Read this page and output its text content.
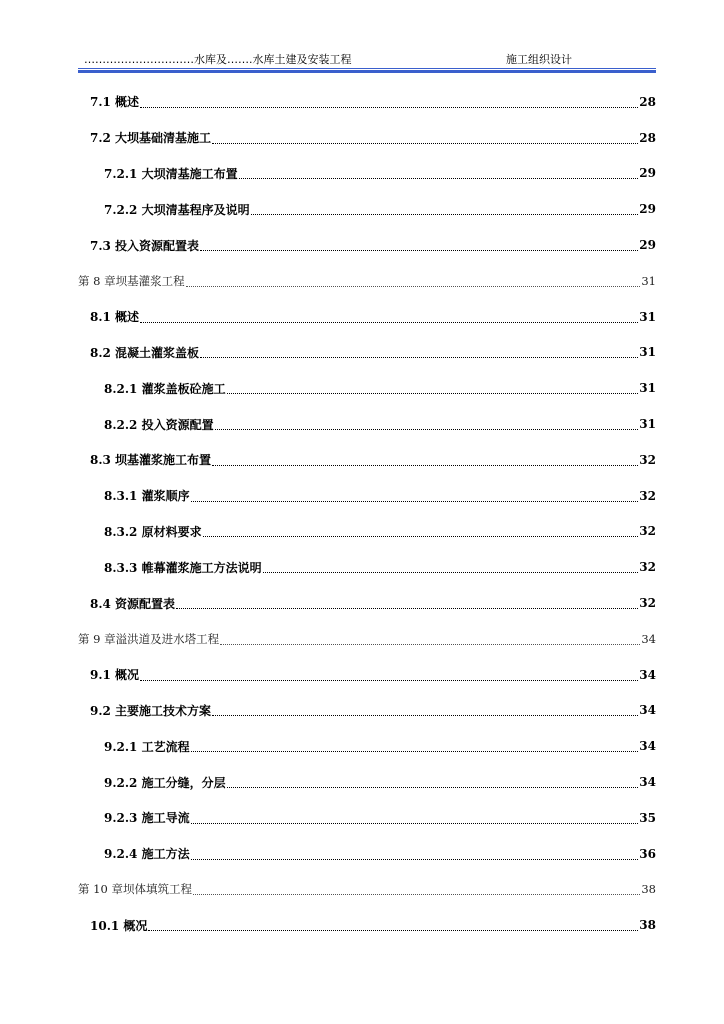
…………………………水库及…….水库土建及安装工程	施工组织设计
7.1 概述	28
7.2 大坝基础清基施工	28
7.2.1 大坝清基施工布置	29
7.2.2 大坝清基程序及说明	29
7.3 投入资源配置表	29
第 8 章坝基灌浆工程	31
8.1 概述	31
8.2 混凝土灌浆盖板	31
8.2.1 灌浆盖板砼施工	31
8.2.2 投入资源配置	31
8.3 坝基灌浆施工布置	32
8.3.1 灌浆顺序	32
8.3.2 原材料要求	32
8.3.3 帷幕灌浆施工方法说明	32
8.4 资源配置表	32
第 9 章溢洪道及进水塔工程	34
9.1 概况	34
9.2 主要施工技术方案	34
9.2.1 工艺流程	34
9.2.2 施工分缝，分层	34
9.2.3 施工导流	35
9.2.4 施工方法	36
第 10 章坝体填筑工程	38
10.1 概况	38
